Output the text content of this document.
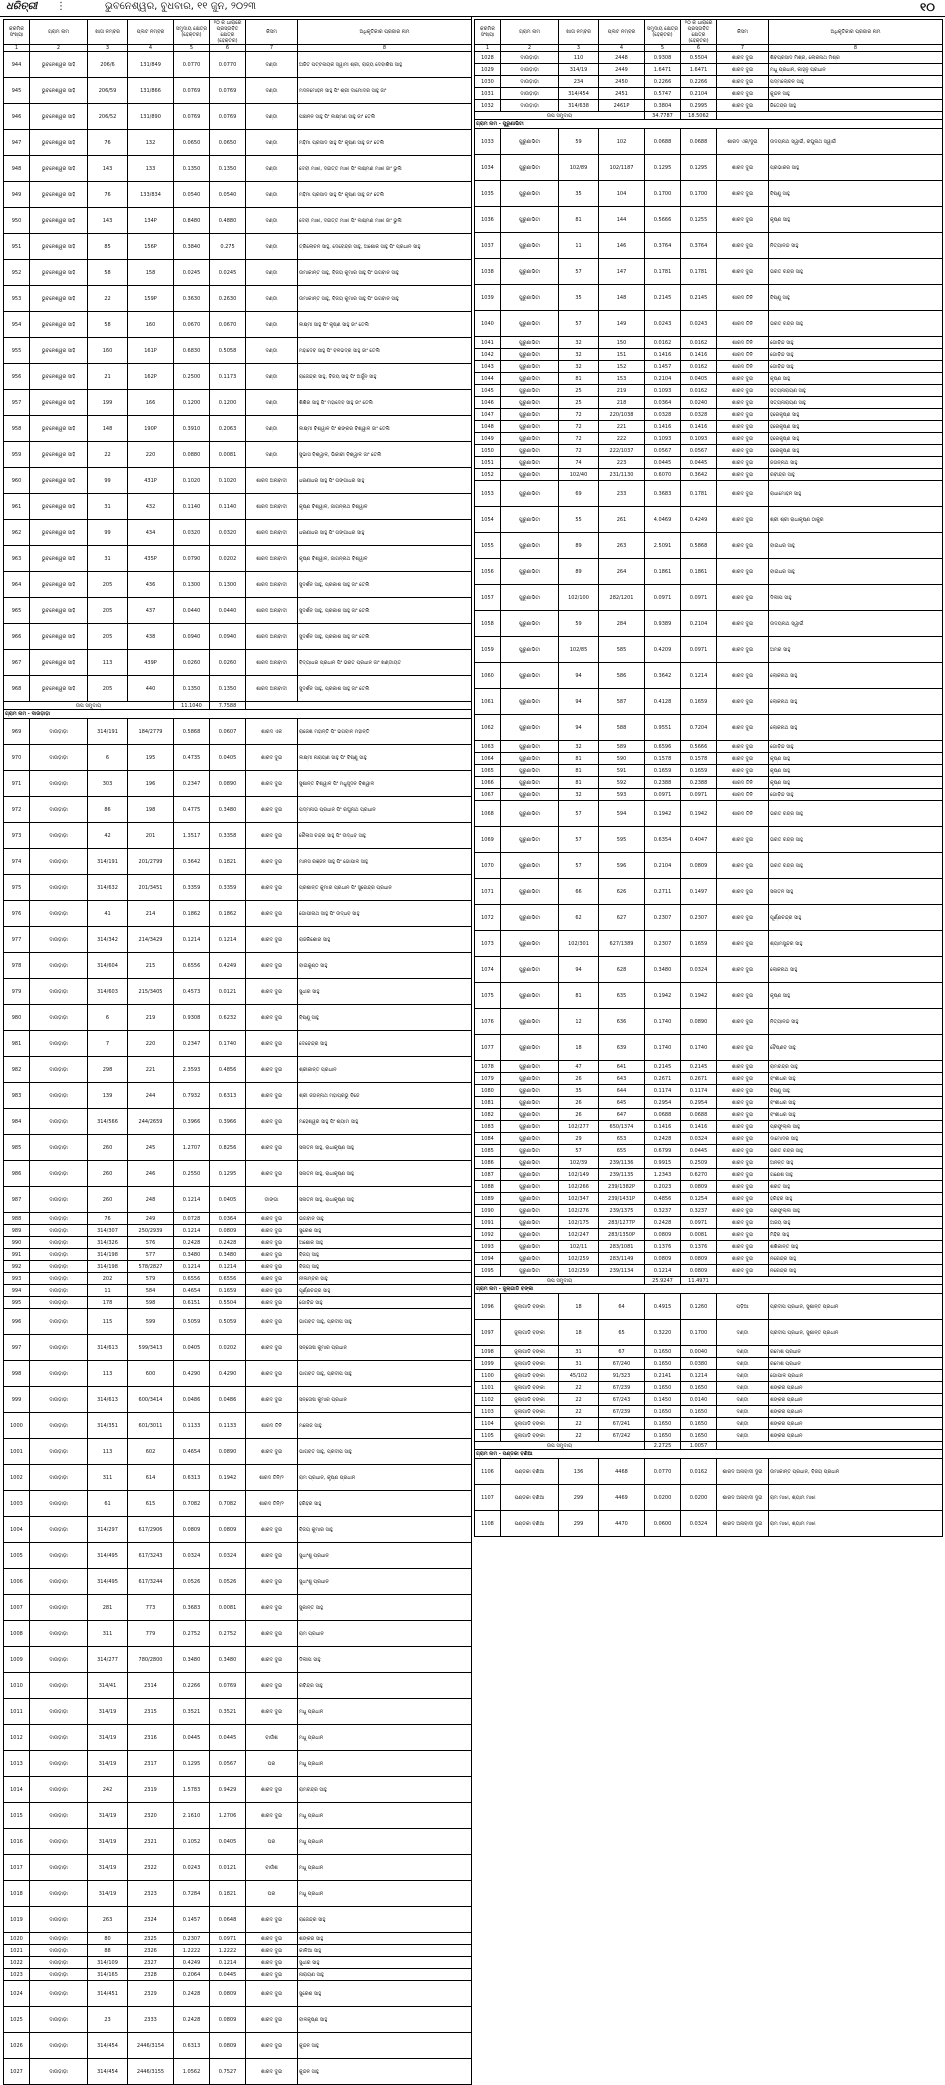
ଧରିତ୍ରୀ ⋮	ଭୁବନେଶ୍ୱର, ବୁଧବାର, ୧୧ ଜୁନ, ୨୦୨୩	୧୦
କ୍ରମିକ ସଂଖ୍ୟା	ଗ୍ରାମ ନାମ	ଖାତା ନମ୍ବର	ପ୍ଲଟ ନମ୍ବର	ସମୁଦାୟ କ୍ଷେତ୍ର (ହେକ୍ଟର)	୨୦ କ ଧାରାରେ ପ୍ରସ୍ତାବିତ କ୍ଷେତ୍ର (ହେକ୍ଟର)	କିସମ	ଅଧିକୃତିକାର ପ୍ରଜାର ନାମ
1	2	3	4	5	6	7	8
944	ଭୁବନେଶ୍ୱର ସାହି	206/6	131/849	0.0770	0.0770	ଦଣ୍ଡା	ଅଜିତ ପଟ୍ଟନାୟକ ସ୍ୱାମୀ ଶ୍ରୀ, ରାଜ୍ୟ ଦେବାଶିଷ ସାହୁ
945	ଭୁବନେଶ୍ୱର ସାହି	206/59	131/866	0.0769	0.0769	ଦଣ୍ଡା	ମଦନମୋହନ ସାହୁ ପିଂ ଶ୍ରୀ ଦାମୋଦର ସାହୁ ଜାଂ
946	ଭୁବନେଶ୍ୱର ସାହି	206/52	131/890	0.0769	0.0769	ଦଣ୍ଡା	ପଞ୍ଚାନନ ସାହୁ ପିଂ ଲକ୍ଷ୍ମଣ ସାହୁ ଜାଂ ତେଲି
947	ଭୁବନେଶ୍ୱର ସାହି	76	132	0.0650	0.0650	ଦଣ୍ଡା	ମହିମା ପ୍ରସାଦ ସାହୁ ପିଂ କୃଷ୍ଣ ସାହୁ ଜାଂ ତେଲି
948	ଭୁବନେଶ୍ୱର ସାହି	143	133	0.1350	0.1350	ଦଣ୍ଡା	ଦେବୀ ମାଝୀ, ଦଇତ୍ତ ମାଝୀ ପିଂ ଲକ୍ଷ୍ମଣ ମାଝୀ ଜାଂ ଭୁଲି
949	ଭୁବନେଶ୍ୱର ସାହି	76	133/834	0.0540	0.0540	ଦଣ୍ଡା	ମହିମା ପ୍ରସାଦ ସାହୁ ପିଂ କୃଷ୍ଣ ସାହୁ ଜାଂ ତେଲି
950	ଭୁବନେଶ୍ୱର ସାହି	143	134P	0.8480	0.4880	ଦଣ୍ଡା	ଦେବୀ ମାଝୀ, ଦଇତ୍ତ ମାଝୀ ପିଂ ଲକ୍ଷ୍ମଣ ମାଝୀ ଜାଂ ଭୁଲି
951	ଭୁବନେଶ୍ୱର ସାହି	85	156P	0.3840	0.275	ଦଣ୍ଡା	ତ୍ରିଲୋଚନ ସାହୁ, ଦେବେନ୍ଦ୍ର ସାହୁ, ଅଶୋକ ସାହୁ ପିଂ ପ୍ରଧାନ ସାହୁ
952	ଭୁବନେଶ୍ୱର ସାହି	58	158	0.0245	0.0245	ଦଣ୍ଡା	ଉମାକାନ୍ତ ସାହୁ, ବିଜୟ କୁମାର ସାହୁ ପିଂ ଭଗବାନ ସାହୁ
953	ଭୁବନେଶ୍ୱର ସାହି	22	159P	0.3630	0.2630	ଦଣ୍ଡା	ଉମାକାନ୍ତ ସାହୁ, ବିଜୟ କୁମାର ସାହୁ ପିଂ ଭଗବାନ ସାହୁ
954	ଭୁବନେଶ୍ୱର ସାହି	58	160	0.0670	0.0670	ଦଣ୍ଡା	ଲକ୍ଷ୍ମୀ ସାହୁ ପିଂ କୃଷ୍ଣ ସାହୁ ଜାଂ ତେଲି
955	ଭୁବନେଶ୍ୱର ସାହି	160	161P	0.6830	0.5058	ଦଣ୍ଡା	ମହାଦେବ ସାହୁ ପିଂ ବଳଭଦ୍ର ସାହୁ ଜାଂ ତେଲି
956	ଭୁବନେଶ୍ୱର ସାହି	21	162P	0.2500	0.1173	ଦଣ୍ଡା	ରାଜେନ୍ଦ୍ର ସାହୁ, ବିଜୟ ସାହୁ ପିଂ ଅର୍ଜୁନ ସାହୁ
957	ଭୁବନେଶ୍ୱର ସାହି	199	166	0.1200	0.1200	ଦଣ୍ଡା	ଶିଶିର ସାହୁ ପିଂ ମହାଦେବ ସାହୁ ଜାଂ ତେଲି
958	ଭୁବନେଶ୍ୱର ସାହି	148	190P	0.3910	0.2063	ଦଣ୍ଡା	ଲକ୍ଷ୍ମୀ ବିଶ୍ୱାଳ ପିଂ ଶଙ୍କର ବିଶ୍ୱାଳ ଜାଂ ତେଲି
959	ଭୁବନେଶ୍ୱର ସାହି	22	220	0.0880	0.0081	ଦଣ୍ଡା	ସୁଭାସ ବିଶ୍ୱାଳ, ଭିକାରୀ ବିଶ୍ୱାଳ ଜାଂ ତେଲି
960	ଭୁବନେଶ୍ୱର ସାହି	99	431P	0.1020	0.1020	ଶାରଦ ଅନାବାଦୀ	ଧରଣୀଧର ସାହୁ ପିଂ ଗଙ୍ଗାଧର ସାହୁ
961	ଭୁବନେଶ୍ୱର ସାହି	31	432	0.1140	0.1140	ଶାରଦ ଅନାବାଦୀ	କୃଷ୍ଣ ବିଶ୍ୱାଳ, ଜାଗନ୍ନାଥ ବିଶ୍ୱାଳ
962	ଭୁବନେଶ୍ୱର ସାହି	99	434	0.0320	0.0320	ଶାରଦ ଅନାବାଦୀ	ଧରଣୀଧର ସାହୁ ପିଂ ଗଙ୍ଗାଧର ସାହୁ
963	ଭୁବନେଶ୍ୱର ସାହି	31	435P	0.0790	0.0202	ଶାରଦ ଅନାବାଦୀ	କୃଷ୍ଣ ବିଶ୍ୱାଳ, ଜାଗନ୍ନାଥ ବିଶ୍ୱାଳ
964	ଭୁବନେଶ୍ୱର ସାହି	205	436	0.1300	0.1300	ଶାରଦ ଅନାବାଦୀ	ସୁଦର୍ଶନ ସାହୁ, ପ୍ରକାଶ ସାହୁ ଜାଂ ତେଲି
965	ଭୁବନେଶ୍ୱର ସାହି	205	437	0.0440	0.0440	ଶାରଦ ଅନାବାଦୀ	ସୁଦର୍ଶନ ସାହୁ, ପ୍ରକାଶ ସାହୁ ଜାଂ ତେଲି
966	ଭୁବନେଶ୍ୱର ସାହି	205	438	0.0940	0.0940	ଶାରଦ ଅନାବାଦୀ	ସୁଦର୍ଶନ ସାହୁ, ପ୍ରକାଶ ସାହୁ ଜାଂ ତେଲି
967	ଭୁବନେଶ୍ୱର ସାହି	113	439P	0.0260	0.0260	ଶାରଦ ଅନାବାଦୀ	ବିଦ୍ୟାଧର ପ୍ରଧାନ ପିଂ ଭରତ ପ୍ରଧାନ ଜାଂ ଖଣ୍ଡାୟତ
968	ଭୁବନେଶ୍ୱର ସାହି	205	440	0.1350	0.1350	ଶାରଦ ଅନାବାଦୀ	ସୁଦର୍ଶନ ସାହୁ, ପ୍ରକାଶ ସାହୁ ଜାଂ ତେଲି
ଉପ ସମୁଦାୟ				11.1040	7.7588		
ଗ୍ରାମ ନାମ - ଦାଉଡ଼ାଡ଼ା							
969	ଦାଉଡ଼ାଡ଼ା	314/191	184/2779	0.5868	0.0607	ଶାରଦ ଏକ	ରାଜେଶ ମହାନ୍ତି ପିଂ ଭଗବାନ ମହାନ୍ତି
970	ଦାଉଡ଼ାଡ଼ା	6	195	0.4735	0.0405	ଶାରଦ ଦୁଇ	ଲକ୍ଷ୍ମୀ ନାରାୟଣ ସାହୁ ପିଂ ବିଷ୍ଣୁ ସାହୁ
971	ଦାଉଡ଼ାଡ଼ା	303	196	0.2347	0.0890	ଶାରଦ ଦୁଇ	ସୁଶାନ୍ତ ବିଶ୍ୱାଳ ପିଂ ମଧୁସୂଦନ ବିଶ୍ୱାଳ
972	ଦାଉଡ଼ାଡ଼ା	86	198	0.4775	0.3480	ଶାରଦ ଦୁଇ	ପଦ୍ମନାଭ ପ୍ରଧାନ ପିଂ ରଘୁନାଥ ପ୍ରଧାନ
973	ଦାଉଡ଼ାଡ଼ା	42	201	1.3517	0.3358	ଶାରଦ ଦୁଇ	କୈଳାସ ଚନ୍ଦ୍ର ସାହୁ ପିଂ ଉଦ୍ଧବ ସାହୁ
974	ଦାଉଡ଼ାଡ଼ା	314/191	201/2799	0.3642	0.1821	ଶାରଦ ଦୁଇ	ମାନସ ରଞ୍ଜନ ସାହୁ ପିଂ ଗୋପାଳ ସାହୁ
975	ଦାଉଡ଼ାଡ଼ା	314/632	201/3451	0.3359	0.3359	ଶାରଦ ଦୁଇ	ପ୍ରଶାନ୍ତ କୁମାର ପ୍ରଧାନ ପିଂ ସୁରେନ୍ଦ୍ର ପ୍ରଧାନ
976	ଦାଉଡ଼ାଡ଼ା	41	214	0.1862	0.1862	ଶାରଦ ଦୁଇ	ଗୋପୀନାଥ ସାହୁ ପିଂ ଉଦ୍ଧବ ସାହୁ
977	ଦାଉଡ଼ାଡ଼ା	314/342	214/3429	0.1214	0.1214	ଶାରଦ ଦୁଇ	ରାଜକିଶୋର ସାହୁ
978	ଦାଉଡ଼ାଡ଼ା	314/604	215	0.6556	0.4249	ଶାରଦ ଦୁଇ	ବାଇକୁଣ୍ଠ ସାହୁ
979	ଦାଉଡ଼ାଡ଼ା	314/603	215/3405	0.4573	0.0121	ଶାରଦ ଦୁଇ	ସୁଧୀର ସାହୁ
980	ଦାଉଡ଼ାଡ଼ା	6	219	0.9308	0.6232	ଶାରଦ ଦୁଇ	ବିଷ୍ଣୁ ସାହୁ
981	ଦାଉଡ଼ାଡ଼ା	7	220	0.2347	0.1740	ଶାରଦ ଦୁଇ	ଦେବେନ୍ଦ୍ର ସାହୁ
982	ଦାଉଡ଼ାଡ଼ା	298	221	2.3593	0.4856	ଶାରଦ ଦୁଇ	ଶ୍ରୀକାନ୍ତ ପ୍ରଧାନ
983	ଦାଉଡ଼ାଡ଼ା	139	244	0.7932	0.6313	ଶାରଦ ଦୁଇ	ଶ୍ରୀ ଜଗନ୍ନାଥ ମହାପ୍ରଭୁ ବିଜେ
984	ଦାଉଡ଼ାଡ଼ା	314/566	244/2659	0.3966	0.3966	ଶାରଦ ଦୁଇ	ମହେଶ୍ୱର ସାହୁ ପିଂ ଶ୍ୟାମ ସାହୁ
985	ଦାଉଡ଼ାଡ଼ା	260	245	1.2707	0.8256	ଶାରଦ ଦୁଇ	ସନାତନ ସାହୁ, ରାଧାକୃଷ୍ଣ ସାହୁ
986	ଦାଉଡ଼ାଡ଼ା	260	246	0.2550	0.1295	ଶାରଦ ଦୁଇ	ସନାତନ ସାହୁ, ରାଧାକୃଷ୍ଣ ସାହୁ
987	ଦାଉଡ଼ାଡ଼ା	260	248	0.1214	0.0405	ଡାଙ୍ଗା	ସନାତନ ସାହୁ, ରାଧାକୃଷ୍ଣ ସାହୁ
988	ଦାଉଡ଼ାଡ଼ା	76	249	0.0728	0.0364	ଶାରଦ ଦୁଇ	ଭଗବାନ ସାହୁ
989	ଦାଉଡ଼ାଡ଼ା	314/307	250/2939	0.1214	0.0809	ଶାରଦ ଦୁଇ	ସୁରେଶ ସାହୁ
990	ଦାଉଡ଼ାଡ଼ା	314/326	576	0.2428	0.2428	ଶାରଦ ଦୁଇ	ଅଶୋକ ସାହୁ
991	ଦାଉଡ଼ାଡ଼ା	314/198	577	0.3480	0.3480	ଶାରଦ ଦୁଇ	ବିଜୟ ସାହୁ
992	ଦାଉଡ଼ାଡ଼ା	314/198	578/2827	0.1214	0.1214	ଶାରଦ ଦୁଇ	ବିଜୟ ସାହୁ
993	ଦାଉଡ଼ାଡ଼ା	202	579	0.6556	0.6556	ଶାରଦ ଦୁଇ	ନୀଳାମ୍ବର ସାହୁ
994	ଦାଉଡ଼ାଡ଼ା	11	584	0.4654	0.1659	ଶାରଦ ଦୁଇ	ପୂର୍ଣ୍ଣଚନ୍ଦ୍ର ସାହୁ
995	ଦାଉଡ଼ାଡ଼ା	178	598	0.6151	0.5504	ଶାରଦ ଦୁଇ	ଗୋବିନ୍ଦ ସାହୁ
996	ଦାଉଡ଼ାଡ଼ା	115	599	0.5059	0.5059	ଶାରଦ ଦୁଇ	ଭାଗବତ ସାହୁ, ପ୍ରଦୀପ ସାହୁ
997	ଦାଉଡ଼ାଡ଼ା	314/613	599/3413	0.0405	0.0202	ଶାରଦ ଦୁଇ	ସନ୍ତୋଷ କୁମାର ପ୍ରଧାନ
998	ଦାଉଡ଼ାଡ଼ା	113	600	0.4290	0.4290	ଶାରଦ ଦୁଇ	ଭାଗବତ ସାହୁ, ପ୍ରଦୀପ ସାହୁ
999	ଦାଉଡ଼ାଡ଼ା	314/613	600/3414	0.0486	0.0486	ଶାରଦ ଦୁଇ	ସନ୍ତୋଷ କୁମାର ପ୍ରଧାନ
1000	ଦାଉଡ଼ାଡ଼ା	314/351	601/3011	0.1133	0.1133	ଶାରଦ ତିନି	ମନୋଜ ସାହୁ
1001	ଦାଉଡ଼ାଡ଼ା	113	602	0.4654	0.0890	ଶାରଦ ଦୁଇ	ଭାଗବତ ସାହୁ, ପ୍ରଦୀପ ସାହୁ
1002	ଦାଉଡ଼ାଡ଼ା	311	614	0.6313	0.1942	ଶାରଦ ତିନି/୨	ରାମ ପ୍ରଧାନ, କୃଷ୍ଣ ପ୍ରଧାନ
1003	ଦାଉଡ଼ାଡ଼ା	61	615	0.7082	0.7082	ଶାରଦ ତିନି/୨	ହରିହର ସାହୁ
1004	ଦାଉଡ଼ାଡ଼ା	314/297	617/2906	0.0809	0.0809	ଶାରଦ ଦୁଇ	ବିଜୟ କୁମାର ସାହୁ
1005	ଦାଉଡ଼ାଡ଼ା	314/495	617/3243	0.0324	0.0324	ଶାରଦ ଦୁଇ	ସୁଧାଂଶୁ ପ୍ରଧାନ
1006	ଦାଉଡ଼ାଡ଼ା	314/495	617/3244	0.0526	0.0526	ଶାରଦ ଦୁଇ	ସୁଧାଂଶୁ ପ୍ରଧାନ
1007	ଦାଉଡ଼ାଡ଼ା	281	773	0.3683	0.0081	ଶାରଦ ଦୁଇ	ସୁକାନ୍ତ ସାହୁ
1008	ଦାଉଡ଼ାଡ଼ା	311	779	0.2752	0.2752	ଶାରଦ ଦୁଇ	ରାମ ପ୍ରଧାନ
1009	ଦାଉଡ଼ାଡ଼ା	314/277	780/2800	0.3480	0.3480	ଶାରଦ ଦୁଇ	ଦିଲୀପ ସାହୁ
1010	ଦାଉଡ଼ାଡ଼ା	314/41	2314	0.2266	0.0769	ଶାରଦ ଦୁଇ	ରବିନ୍ଦ୍ର ସାହୁ
1011	ଦାଉଡ଼ାଡ଼ା	314/19	2315	0.3521	0.3521	ଶାରଦ ଦୁଇ	ମଧୁ ପ୍ରଧାନ
1012	ଦାଉଡ଼ାଡ଼ା	314/19	2316	0.0445	0.0445	ବାଉଁଶ	ମଧୁ ପ୍ରଧାନ
1013	ଦାଉଡ଼ାଡ଼ା	314/19	2317	0.1295	0.0567	ଘର	ମଧୁ ପ୍ରଧାନ
1014	ଦାଉଡ଼ାଡ଼ା	242	2319	1.5783	0.9429	ଶାରଦ ଦୁଇ	ରାମଚନ୍ଦ୍ର ସାହୁ
1015	ଦାଉଡ଼ାଡ଼ା	314/19	2320	2.1610	1.2706	ଶାରଦ ଦୁଇ	ମଧୁ ପ୍ରଧାନ
1016	ଦାଉଡ଼ାଡ଼ା	314/19	2321	0.1052	0.0405	ଘର	ମଧୁ ପ୍ରଧାନ
1017	ଦାଉଡ଼ାଡ଼ା	314/19	2322	0.0243	0.0121	ବାଉଁଶ	ମଧୁ ପ୍ରଧାନ
1018	ଦାଉଡ଼ାଡ଼ା	314/19	2323	0.7284	0.1821	ଘର	ମଧୁ ପ୍ରଧାନ
1019	ଦାଉଡ଼ାଡ଼ା	263	2324	0.1457	0.0648	ଶାରଦ ଦୁଇ	ରାଜେନ୍ଦ୍ର ସାହୁ
1020	ଦାଉଡ଼ାଡ଼ା	80	2325	0.2307	0.0971	ଶାରଦ ଦୁଇ	ଶଙ୍କର ସାହୁ
1021	ଦାଉଡ଼ାଡ଼ା	88	2326	1.2222	1.2222	ଶାରଦ ଦୁଇ	କାଳିଆ ସାହୁ
1022	ଦାଉଡ଼ାଡ଼ା	314/109	2327	0.4249	0.1214	ଶାରଦ ଦୁଇ	ସୁଧୀର ସାହୁ
1023	ଦାଉଡ଼ାଡ଼ା	314/165	2328	0.2064	0.0445	ଶାରଦ ଦୁଇ	ନାରାୟଣ ସାହୁ
1024	ଦାଉଡ଼ାଡ଼ା	314/451	2329	0.2428	0.0809	ଶାରଦ ଦୁଇ	ସୁରେଶ ସାହୁ
1025	ଦାଉଡ଼ାଡ଼ା	23	2333	0.2428	0.0809	ଶାରଦ ଦୁଇ	ବାଳକୃଷ୍ଣ ସାହୁ
1026	ଦାଉଡ଼ାଡ଼ା	314/454	2446/3154	0.6313	0.0809	ଶାରଦ ଦୁଇ	କୁନ୍ଦନ ସାହୁ
1027	ଦାଉଡ଼ାଡ଼ା	314/454	2446/3155	1.0562	0.7527	ଶାରଦ ଦୁଇ	କୁନ୍ଦନ ସାହୁ
କ୍ରମିକ ସଂଖ୍ୟା	ଗ୍ରାମ ନାମ	ଖାତା ନମ୍ବର	ପ୍ଲଟ ନମ୍ବର	ସମୁଦାୟ କ୍ଷେତ୍ର (ହେକ୍ଟର)	୨୦ କ ଧାରାରେ ପ୍ରସ୍ତାବିତ କ୍ଷେତ୍ର (ହେକ୍ଟର)	କିସମ	ଅଧିକୃତିକାର ପ୍ରଜାର ନାମ
1	2	3	4	5	6	7	8
1028	ଦାଉଡ଼ାଡ଼ା	110	2448	0.9308	0.5504	ଶାରଦ ଦୁଇ	ଶିବପ୍ରସାଦ ମିଶ୍ର, ଲୋକନାଥ ମିଶ୍ର
1029	ଦାଉଡ଼ାଡ଼ା	314/19	2449	1.6471	1.6471	ଶାରଦ ଦୁଇ	ମଧୁ ପ୍ରଧାନ, କାହ୍ନୁ ପ୍ରଧାନ
1030	ଦାଉଡ଼ାଡ଼ା	234	2450	0.2266	0.2266	ଶାରଦ ଦୁଇ	ପଦ୍ମଲୋଚନ ସାହୁ
1031	ଦାଉଡ଼ାଡ଼ା	314/454	2451	0.5747	0.2104	ଶାରଦ ଦୁଇ	କୁନ୍ଦନ ସାହୁ
1032	ଦାଉଡ଼ାଡ଼ା	314/638	2461P	0.3804	0.2995	ଶାରଦ ଦୁଇ	ଜିତେନ୍ଦ୍ର ସାହୁ
ଉପ ସମୁଦାୟ				34.7787	18.5062		
ଗ୍ରାମ ନାମ - ପୁରୁଣାଭିଟା							
1033	ପୁରୁଣାଭିଟା	59	102	0.0688	0.0688	ଶାରଦ ଏକ/ଦୁଇ	ଉଦୟନାଥ ସ୍ୱାଇଁ, ରଘୁନାଥ ସ୍ୱାଇଁ
1034	ପୁରୁଣାଭିଟା	102/89	102/1187	0.1295	0.1295	ଶାରଦ ଦୁଇ	ପ୍ରଭାକର ସାହୁ
1035	ପୁରୁଣାଭିଟା	35	104	0.1700	0.1700	ଶାରଦ ଦୁଇ	ବିଷ୍ଣୁ ସାହୁ
1036	ପୁରୁଣାଭିଟା	81	144	0.5666	0.1255	ଶାରଦ ଦୁଇ	କୃଷ୍ଣ ସାହୁ
1037	ପୁରୁଣାଭିଟା	11	146	0.3764	0.3764	ଶାରଦ ଦୁଇ	ନିତ୍ୟାନନ୍ଦ ସାହୁ
1038	ପୁରୁଣାଭିଟା	57	147	0.1781	0.1781	ଶାରଦ ଦୁଇ	ଭରତ ଚନ୍ଦ୍ର ସାହୁ
1039	ପୁରୁଣାଭିଟା	35	148	0.2145	0.2145	ଶାରଦ ତିନି	ବିଷ୍ଣୁ ସାହୁ
1040	ପୁରୁଣାଭିଟା	57	149	0.0243	0.0243	ଶାରଦ ତିନି	ଭରତ ଚନ୍ଦ୍ର ସାହୁ
1041	ପୁରୁଣାଭିଟା	32	150	0.0162	0.0162	ଶାରଦ ତିନି	ଗୋବିନ୍ଦ ସାହୁ
1042	ପୁରୁଣାଭିଟା	32	151	0.1416	0.1416	ଶାରଦ ତିନି	ଗୋବିନ୍ଦ ସାହୁ
1043	ପୁରୁଣାଭିଟା	32	152	0.1457	0.0162	ଶାରଦ ତିନି	ଗୋବିନ୍ଦ ସାହୁ
1044	ପୁରୁଣାଭିଟା	81	153	0.2104	0.0405	ଶାରଦ ଦୁଇ	କୃଷ୍ଣ ସାହୁ
1045	ପୁରୁଣାଭିଟା	25	219	0.1093	0.0162	ଶାରଦ ଦୁଇ	ସତ୍ୟନାରାୟଣ ସାହୁ
1046	ପୁରୁଣାଭିଟା	25	218	0.0364	0.0240	ଶାରଦ ଦୁଇ	ସତ୍ୟନାରାୟଣ ସାହୁ
1047	ପୁରୁଣାଭିଟା	72	220/1038	0.0328	0.0328	ଶାରଦ ଦୁଇ	ହରେକୃଷ୍ଣ ସାହୁ
1048	ପୁରୁଣାଭିଟା	72	221	0.1416	0.1416	ଶାରଦ ଦୁଇ	ହରେକୃଷ୍ଣ ସାହୁ
1049	ପୁରୁଣାଭିଟା	72	222	0.1093	0.1093	ଶାରଦ ଦୁଇ	ହରେକୃଷ୍ଣ ସାହୁ
1050	ପୁରୁଣାଭିଟା	72	222/1037	0.0567	0.0567	ଶାରଦ ଦୁଇ	ହରେକୃଷ୍ଣ ସାହୁ
1051	ପୁରୁଣାଭିଟା	74	223	0.0445	0.0445	ଶାରଦ ଦୁଇ	ଜଗନ୍ନାଥ ସାହୁ
1052	ପୁରୁଣାଭିଟା	102/40	231/1130	0.6070	0.3642	ଶାରଦ ଦୁଇ	ରବୀନ୍ଦ୍ର ସାହୁ
1053	ପୁରୁଣାଭିଟା	69	233	0.3683	0.1781	ଶାରଦ ଦୁଇ	ରାଧାମୋହନ ସାହୁ
1054	ପୁରୁଣାଭିଟା	55	261	4.0469	0.4249	ଶାରଦ ଦୁଇ	ଶ୍ରୀ ଶ୍ରୀ ରାଧାକୃଷ୍ଣ ଠାକୁର
1055	ପୁରୁଣାଭିଟା	89	263	2.5091	0.5868	ଶାରଦ ଦୁଇ	ବାଇଧର ସାହୁ
1056	ପୁରୁଣାଭିଟା	89	264	0.1861	0.1861	ଶାରଦ ଦୁଇ	ବାଇଧର ସାହୁ
1057	ପୁରୁଣାଭିଟା	102/100	282/1201	0.0971	0.0971	ଶାରଦ ଦୁଇ	ଦିଲୀପ ସାହୁ
1058	ପୁରୁଣାଭିଟା	59	284	0.9389	0.2104	ଶାରଦ ଦୁଇ	ଉଦୟନାଥ ସ୍ୱାଇଁ
1059	ପୁରୁଣାଭିଟା	102/85	585	0.4209	0.0971	ଶାରଦ ଦୁଇ	ଅମର ସାହୁ
1060	ପୁରୁଣାଭିଟା	94	586	0.3642	0.1214	ଶାରଦ ଦୁଇ	ଲୋକନାଥ ସାହୁ
1061	ପୁରୁଣାଭିଟା	94	587	0.4128	0.1659	ଶାରଦ ଦୁଇ	ଲୋକନାଥ ସାହୁ
1062	ପୁରୁଣାଭିଟା	94	588	0.9551	0.7204	ଶାରଦ ଦୁଇ	ଲୋକନାଥ ସାହୁ
1063	ପୁରୁଣାଭିଟା	32	589	0.6596	0.5666	ଶାରଦ ଦୁଇ	ଗୋବିନ୍ଦ ସାହୁ
1064	ପୁରୁଣାଭିଟା	81	590	0.1578	0.1578	ଶାରଦ ଦୁଇ	କୃଷ୍ଣ ସାହୁ
1065	ପୁରୁଣାଭିଟା	81	591	0.1659	0.1659	ଶାରଦ ଦୁଇ	କୃଷ୍ଣ ସାହୁ
1066	ପୁରୁଣାଭିଟା	81	592	0.2388	0.2388	ଶାରଦ ତିନି	କୃଷ୍ଣ ସାହୁ
1067	ପୁରୁଣାଭିଟା	32	593	0.0971	0.0971	ଶାରଦ ତିନି	ଗୋବିନ୍ଦ ସାହୁ
1068	ପୁରୁଣାଭିଟା	57	594	0.1942	0.1942	ଶାରଦ ତିନି	ଭରତ ଚନ୍ଦ୍ର ସାହୁ
1069	ପୁରୁଣାଭିଟା	57	595	0.6354	0.4047	ଶାରଦ ଦୁଇ	ଭରତ ଚନ୍ଦ୍ର ସାହୁ
1070	ପୁରୁଣାଭିଟା	57	596	0.2104	0.0809	ଶାରଦ ଦୁଇ	ଭରତ ଚନ୍ଦ୍ର ସାହୁ
1071	ପୁରୁଣାଭିଟା	66	626	0.2711	0.1497	ଶାରଦ ଦୁଇ	ସନାତନ ସାହୁ
1072	ପୁରୁଣାଭିଟା	62	627	0.2307	0.2307	ଶାରଦ ଦୁଇ	ପୂର୍ଣ୍ଣଚନ୍ଦ୍ର ସାହୁ
1073	ପୁରୁଣାଭିଟା	102/301	627/1389	0.2307	0.1659	ଶାରଦ ଦୁଇ	ଶ୍ୟାମସୁନ୍ଦର ସାହୁ
1074	ପୁରୁଣାଭିଟା	94	628	0.3480	0.0324	ଶାରଦ ଦୁଇ	ଲୋକନାଥ ସାହୁ
1075	ପୁରୁଣାଭିଟା	81	635	0.1942	0.1942	ଶାରଦ ଦୁଇ	କୃଷ୍ଣ ସାହୁ
1076	ପୁରୁଣାଭିଟା	12	636	0.1740	0.0890	ଶାରଦ ଦୁଇ	ନିତ୍ୟାନନ୍ଦ ସାହୁ
1077	ପୁରୁଣାଭିଟା	18	639	0.1740	0.1740	ଶାରଦ ଦୁଇ	ବୈଷ୍ଣବ ସାହୁ
1078	ପୁରୁଣାଭିଟା	47	641	0.2145	0.2145	ଶାରଦ ଦୁଇ	ରାମଚନ୍ଦ୍ର ସାହୁ
1079	ପୁରୁଣାଭିଟା	26	643	0.2671	0.2671	ଶାରଦ ଦୁଇ	ବଂଶୀଧର ସାହୁ
1080	ପୁରୁଣାଭିଟା	35	644	0.1174	0.1174	ଶାରଦ ଦୁଇ	ବିଷ୍ଣୁ ସାହୁ
1081	ପୁରୁଣାଭିଟା	26	645	0.2954	0.2954	ଶାରଦ ଦୁଇ	ବଂଶୀଧର ସାହୁ
1082	ପୁରୁଣାଭିଟା	26	647	0.0688	0.0688	ଶାରଦ ଦୁଇ	ବଂଶୀଧର ସାହୁ
1083	ପୁରୁଣାଭିଟା	102/277	650/1374	0.1416	0.1416	ଶାରଦ ଦୁଇ	ପ୍ରଫୁଲ୍ଲ ସାହୁ
1084	ପୁରୁଣାଭିଟା	29	653	0.2428	0.0324	ଶାରଦ ଦୁଇ	ଦାମୋଦର ସାହୁ
1085	ପୁରୁଣାଭିଟା	57	655	0.6799	0.0445	ଶାରଦ ଦୁଇ	ଭରତ ଚନ୍ଦ୍ର ସାହୁ
1086	ପୁରୁଣାଭିଟା	102/39	239/1136	0.9915	0.2509	ଶାରଦ ଦୁଇ	ଅନନ୍ତ ସାହୁ
1087	ପୁରୁଣାଭିଟା	102/149	239/1135	1.2343	0.6270	ଶାରଦ ଦୁଇ	ଗଣେଶ ସାହୁ
1088	ପୁରୁଣାଭିଟା	102/266	239/1382P	0.2023	0.0809	ଶାରଦ ଦୁଇ	ଶରତ ସାହୁ
1089	ପୁରୁଣାଭିଟା	102/347	239/1431P	0.4856	0.1254	ଶାରଦ ଦୁଇ	ହରିହର ସାହୁ
1090	ପୁରୁଣାଭିଟା	102/276	239/1375	0.3237	0.3237	ଶାରଦ ଦୁଇ	ପ୍ରଫୁଲ୍ଲ ସାହୁ
1091	ପୁରୁଣାଭିଟା	102/175	283/1277P	0.2428	0.0971	ଶାରଦ ଦୁଇ	ଅଜୟ ସାହୁ
1092	ପୁରୁଣାଭିଟା	102/247	283/1350P	0.0809	0.0081	ଶାରଦ ଦୁଇ	ମିହିର ସାହୁ
1093	ପୁରୁଣାଭିଟା	102/11	283/1081	0.1376	0.1376	ଶାରଦ ଦୁଇ	ଶଶିକାନ୍ତ ସାହୁ
1094	ପୁରୁଣାଭିଟା	102/259	283/1149	0.0809	0.0809	ଶାରଦ ଦୁଇ	ନରେନ୍ଦ୍ର ସାହୁ
1095	ପୁରୁଣାଭିଟା	102/259	239/1134	0.1214	0.0809	ଶାରଦ ଦୁଇ	ନରେନ୍ଦ୍ର ସାହୁ
ଉପ ସମୁଦାୟ				25.9247	11.4971		
ଗ୍ରାମ ନାମ - ଜୁଲାଗାଡି ବଙ୍କା							
1096	ଜୁଲାଗାଡି ବଙ୍କା	18	64	0.4915	0.1260	ପଡ଼ିଆ	ପ୍ରଦୀପ ପ୍ରଧାନ, ସୁଶାନ୍ତ ପ୍ରଧାନ
1097	ଜୁଲାଗାଡି ବଙ୍କା	18	65	0.3220	0.1700	ଦଣ୍ଡା	ପ୍ରଦୀପ ପ୍ରଧାନ, ସୁଶାନ୍ତ ପ୍ରଧାନ
1098	ଜୁଲାଗାଡି ବଙ୍କା	31	67	0.1650	0.0040	ଦଣ୍ଡା	ରମେଶ ପ୍ରଧାନ
1099	ଜୁଲାଗାଡି ବଙ୍କା	31	67/240	0.1650	0.0380	ଦଣ୍ଡା	ରମେଶ ପ୍ରଧାନ
1100	ଜୁଲାଗାଡି ବଙ୍କା	45/102	91/323	0.2141	0.1214	ଦଣ୍ଡା	ଗୋପାଳ ପ୍ରଧାନ
1101	ଜୁଲାଗାଡି ବଙ୍କା	22	67/239	0.1650	0.1650	ଦଣ୍ଡା	ଶଙ୍କର ପ୍ରଧାନ
1102	ଜୁଲାଗାଡି ବଙ୍କା	22	67/243	0.1450	0.0140	ଦଣ୍ଡା	ଶଙ୍କର ପ୍ରଧାନ
1103	ଜୁଲାଗାଡି ବଙ୍କା	22	67/239	0.1650	0.1650	ଦଣ୍ଡା	ଶଙ୍କର ପ୍ରଧାନ
1104	ଜୁଲାଗାଡି ବଙ୍କା	22	67/241	0.1650	0.1650	ଦଣ୍ଡା	ଶଙ୍କର ପ୍ରଧାନ
1105	ଜୁଲାଗାଡି ବଙ୍କା	22	67/242	0.1650	0.1650	ଦଣ୍ଡା	ଶଙ୍କର ପ୍ରଧାନ
ଉପ ସମୁଦାୟ				2.2725	1.0057		
ଗ୍ରାମ ନାମ - ପଣ୍ଡକା ବଣିଆ							
1106	ପଣ୍ଡକା ବଣିଆ	136	4468	0.0770	0.0162	ଶାରଦ ଅନାବାଦୀ ଦୁଇ	ଉମାକାନ୍ତ ପ୍ରଧାନ, ବିଜୟ ପ୍ରଧାନ
1107	ପଣ୍ଡକା ବଣିଆ	299	4469	0.0200	0.0200	ଶାରଦ ଅନାବାଦୀ ଦୁଇ	ରାମ ମାଝୀ, ଶ୍ୟାମ ମାଝୀ
1108	ପଣ୍ଡକା ବଣିଆ	299	4470	0.0600	0.0324	ଶାରଦ ଅନାବାଦୀ ଦୁଇ	ରାମ ମାଝୀ, ଶ୍ୟାମ ମାଝୀ
